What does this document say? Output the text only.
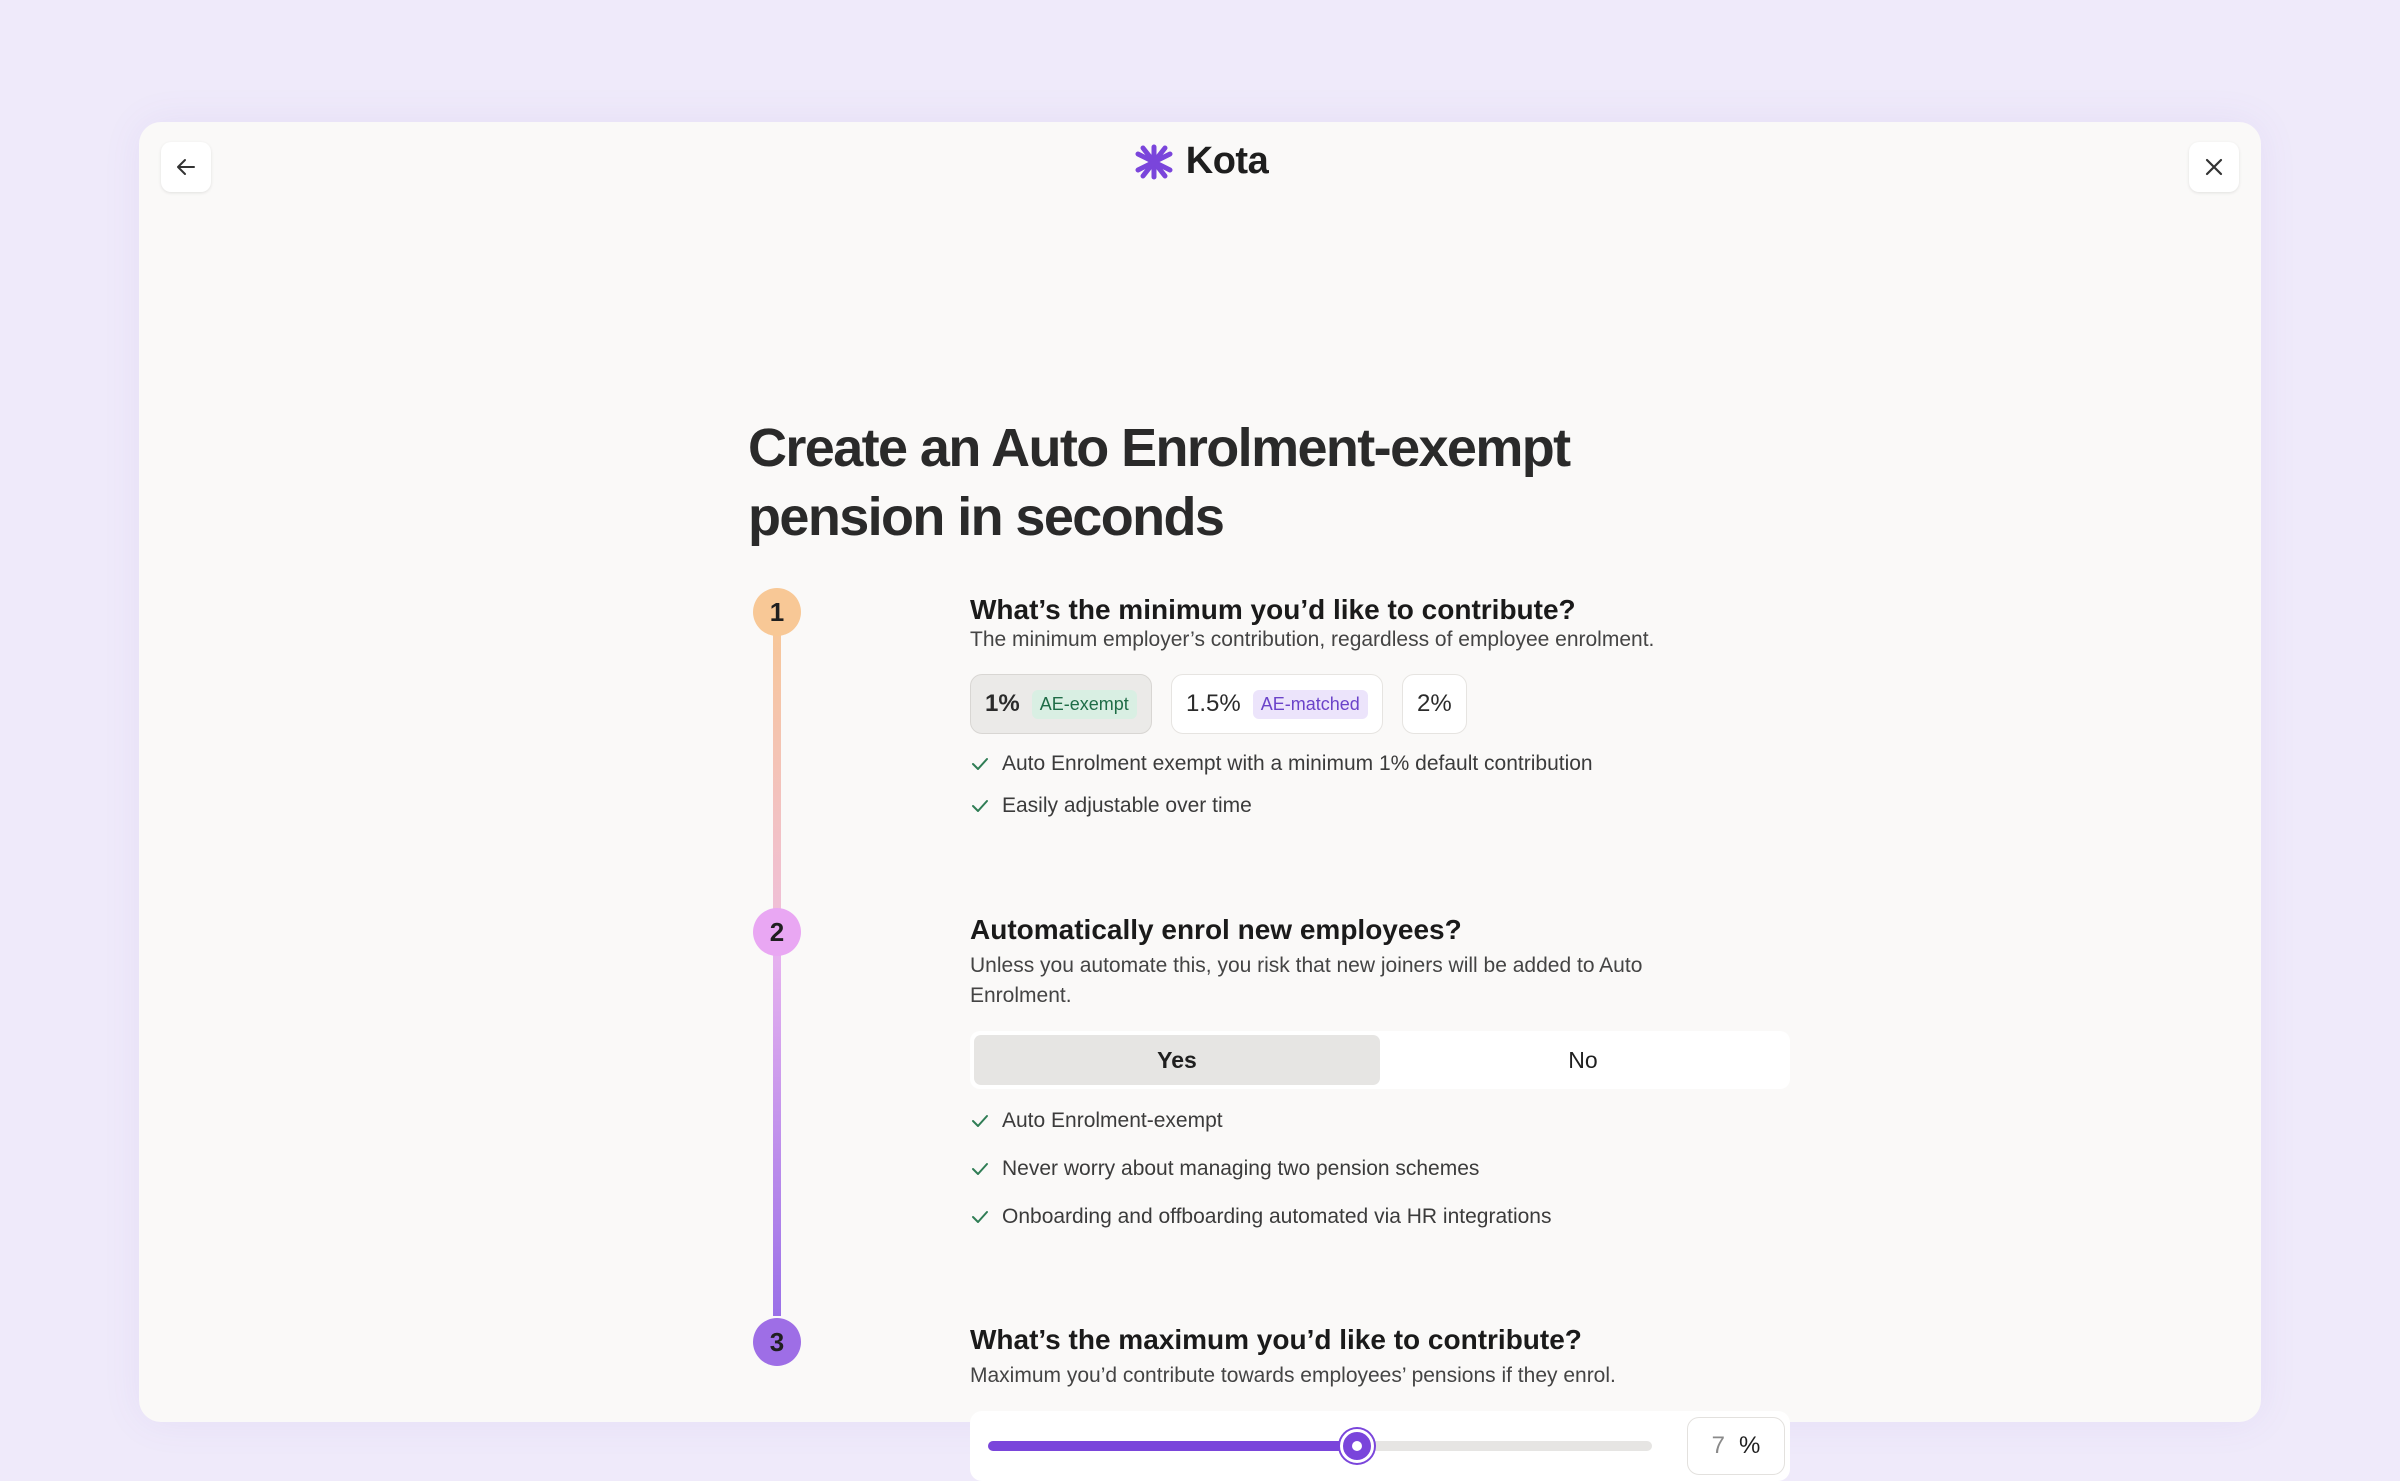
Kota
Create an Auto Enrolment-exempt pension in seconds
1	What’s the minimum you’d like to contribute?
The minimum employer’s contribution, regardless of employee enrolment.
1%	AE-exempt	1.5%	AE-matched	2%
Auto Enrolment exempt with a minimum 1% default contribution
Easily adjustable over time
2	Automatically enrol new employees?
Unless you automate this, you risk that new joiners will be added to Auto Enrolment.
Yes	No
Auto Enrolment-exempt
Never worry about managing two pension schemes
Onboarding and offboarding automated via HR integrations
3	What’s the maximum you’d like to contribute?
Maximum you’d contribute towards employees’ pensions if they enrol.
7 %
